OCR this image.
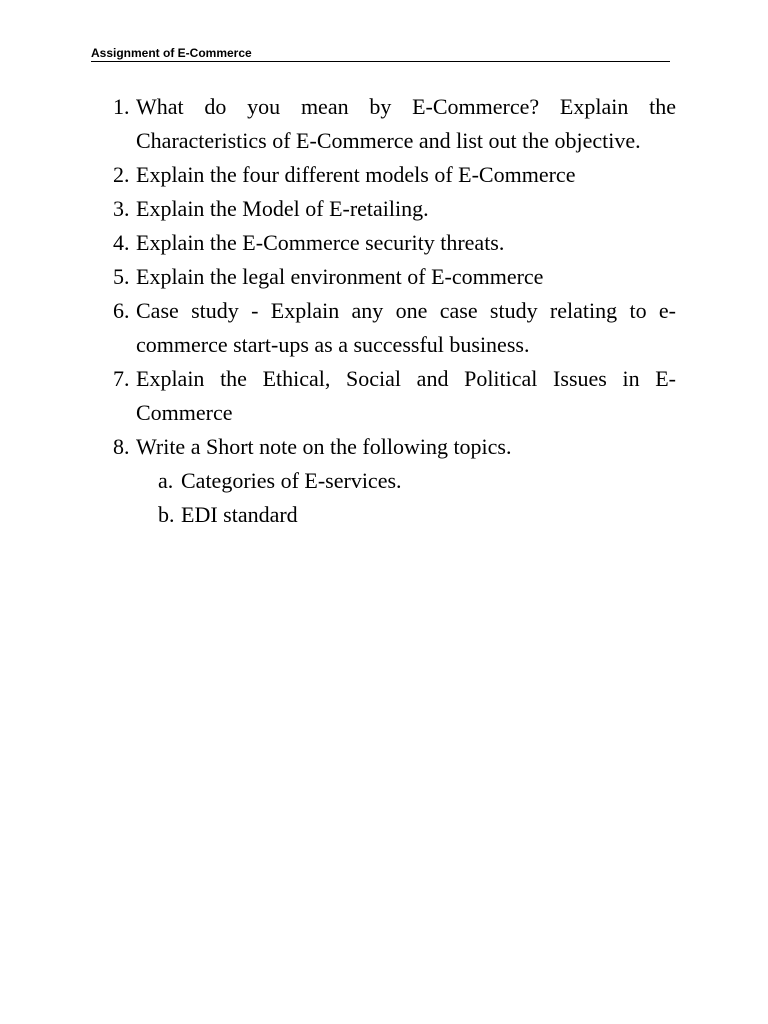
Assignment of E-Commerce
1. What do you mean by E-Commerce? Explain the Characteristics of E-Commerce and list out the objective.
2. Explain the four different models of E-Commerce
3. Explain the Model of E-retailing.
4. Explain the E-Commerce security threats.
5. Explain the legal environment of E-commerce
6. Case study - Explain any one case study relating to e-commerce start-ups as a successful business.
7. Explain the Ethical, Social and Political Issues in E-Commerce
8. Write a Short note on the following topics.
a. Categories of E-services.
b. EDI standard
